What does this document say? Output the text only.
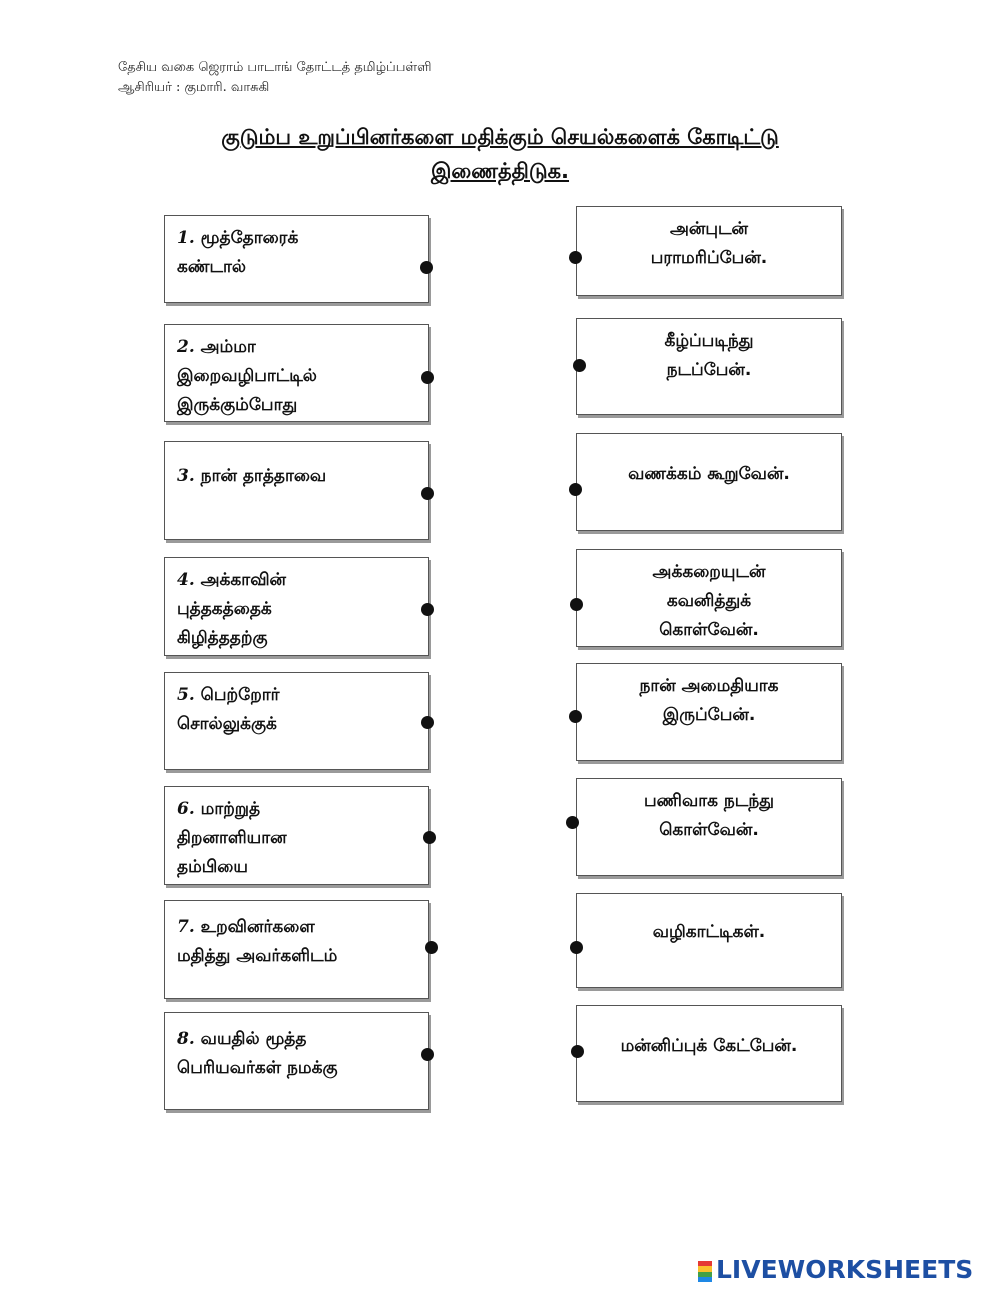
தேசிய வகை ஜெராம் பாடாங் தோட்டத் தமிழ்ப்பள்ளி
ஆசிரியர் : குமாரி. வாசுகி
குடும்ப உறுப்பினர்களை மதிக்கும் செயல்களைக் கோடிட்டு இணைத்திடுக.
1. மூத்தோரைக்
கண்டால்
2. அம்மா
இறைவழிபாட்டில்
இருக்கும்போது
3. நான் தாத்தாவை
4. அக்காவின்
புத்தகத்தைக்
கிழித்ததற்கு
5. பெற்றோர்
சொல்லுக்குக்
6. மாற்றுத்
திறனாளியான
தம்பியை
7. உறவினர்களை
மதித்து அவர்களிடம்
8. வயதில் மூத்த
பெரியவர்கள் நமக்கு
அன்புடன்
பராமரிப்பேன்.
கீழ்ப்படிந்து
நடப்பேன்.
வணக்கம் கூறுவேன்.
அக்கறையுடன்
கவனித்துக்
கொள்வேன்.
நான் அமைதியாக
இருப்பேன்.
பணிவாக நடந்து
கொள்வேன்.
வழிகாட்டிகள்.
மன்னிப்புக் கேட்பேன்.
LIVEWORKSHEETS
